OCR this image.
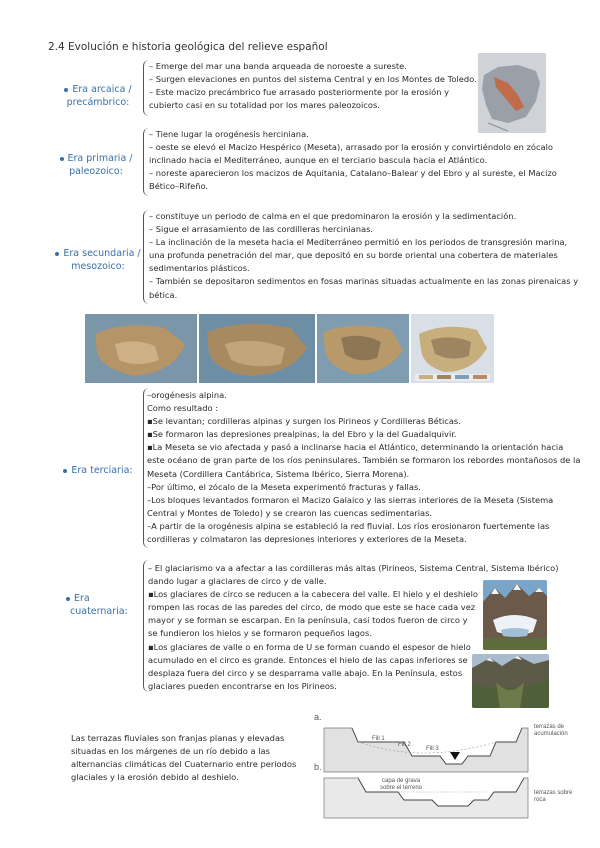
2.4 Evolución e historia geológica del relieve español
Era arcaica /
precámbrico:

– Emerge del mar una banda arqueada de noroeste a sureste.

– Surgen elevaciones en puntos del sistema Central y en los Montes de Toledo.

– Este macizo precámbrico fue arrasado posteriormente por la erosión y

cubierto casi en su totalidad por los mares paleozoicos.

Era primaria /
paleozoico:

– Tiene lugar la orogénesis herciniana.

– oeste se elevó el Macizo Hespérico (Meseta), arrasado por la erosión y convirtiéndolo en zócalo

inclinado hacia el Mediterráneo, aunque en el terciario bascula hacia el Atlántico.

– noreste aparecieron los macizos de Aquitania, Catalano–Balear y del Ebro y al sureste, el Macizo

Bético–Rifeño.

Era secundaria /
mesozoico:

– constituye un periodo de calma en el que predominaron la erosión y la sedimentación.

– Sigue el arrasamiento de las cordilleras hercinianas.

– La inclinación de la meseta hacia el Mediterráneo permitió en los periodos de transgresión marina,

una profunda penetración del mar, que depositó en su borde oriental una cobertera de materiales

sedimentarios plásticos.

– También se depositaron sedimentos en fosas marinas situadas actualmente en las zonas pirenaicas y

bética.

Era terciaria:

–orogénesis alpina.

Como resultado :

▪Se levantan; cordilleras alpinas y surgen los Pirineos y Cordilleras Béticas.

▪Se formaron las depresiones prealpinas, la del Ebro y la del Guadalquivir.

▪La Meseta se vio afectada y pasó a inclinarse hacia el Atlántico, determinando la orientación hacia

este océano de gran parte de los ríos peninsulares. También se formaron los rebordes montañosos de la

Meseta (Cordillera Cantábrica, Sistema Ibérico, Sierra Morena).

–Por último, el zócalo de la Meseta experimentó fracturas y fallas.

–Los bloques levantados formaron el Macizo Galaico y las sierras interiores de la Meseta (Sistema

Central y Montes de Toledo) y se crearon las cuencas sedimentarias.

–A partir de la orogénesis alpina se estableció la red fluvial. Los ríos erosionaron fuertemente las

cordilleras y colmataron las depresiones interiores y exteriores de la Meseta.

Era
cuaternaria:

– El glaciarismo va a afectar a las cordilleras más altas (Pirineos, Sistema Central, Sistema Ibérico)

dando lugar a glaciares de circo y de valle.

▪Los glaciares de circo se reducen a la cabecera del valle. El hielo y el deshielo

rompen las rocas de las paredes del circo, de modo que este se hace cada vez

mayor y se forman se escarpan. En la península, casi todos fueron de circo y

se fundieron los hielos y se formaron pequeños lagos.

▪Los glaciares de valle o en forma de U se forman cuando el espesor de hielo

acumulado en el circo es grande. Entonces el hielo de las capas inferiores se

desplaza fuera del circo y se desparrama valle abajo. En la Península, estos

glaciares pueden encontrarse en los Pirineos.

Las terrazas fluviales son franjas planas y elevadas

situadas en los márgenes de un río debido a las

alternancias climáticas del Cuaternario entre periodos

glaciales y la erosión debido al deshielo.

a.
b.
Fill 1
Fill 2
Fill 3
terrazas de
acumulación
capa de grava
sobre el terreno
terrazas sobre
roca
